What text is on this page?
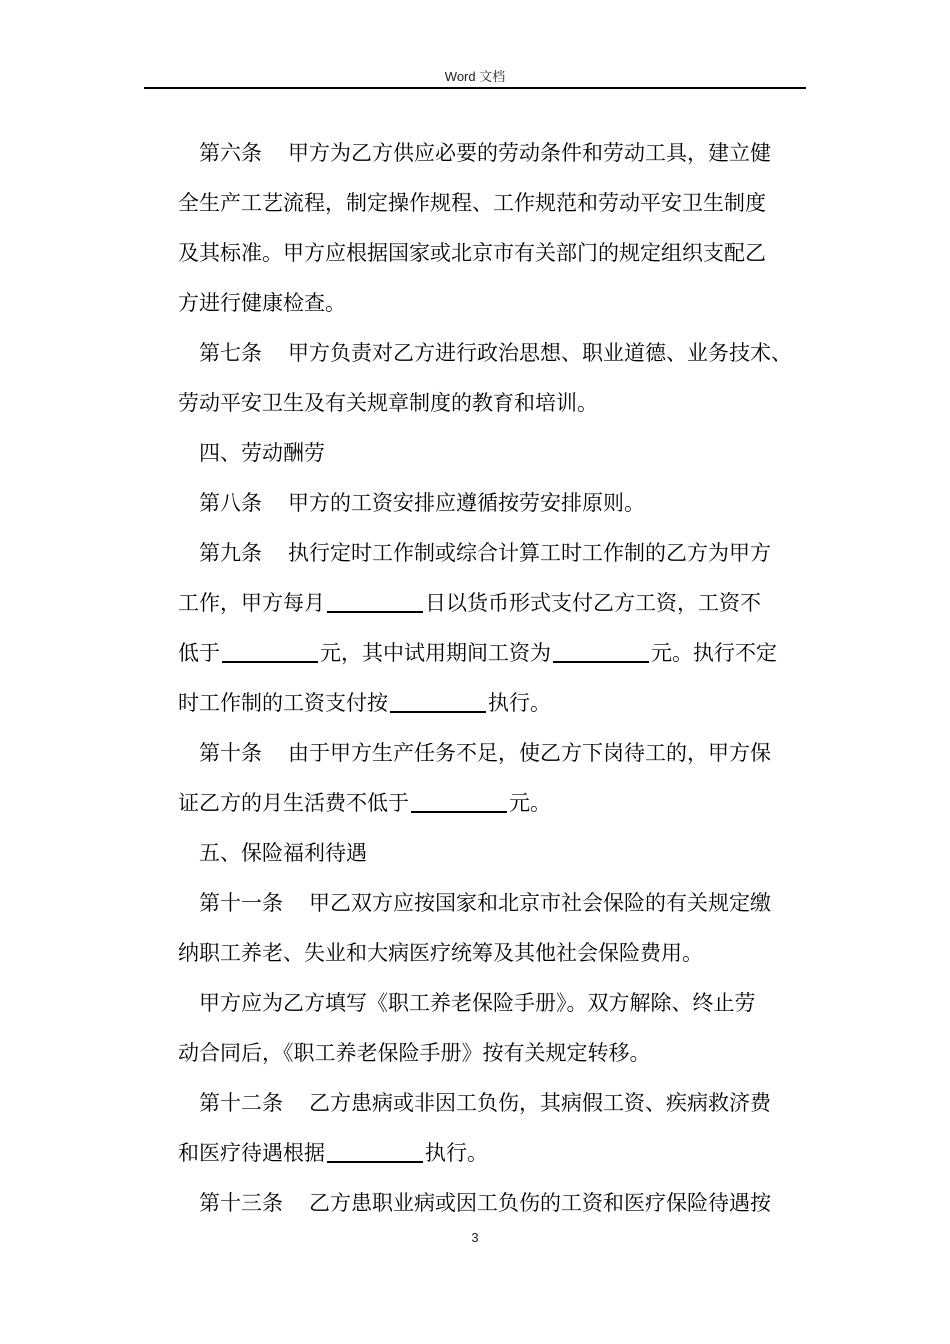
Word 文档

第六条 甲方为乙方供应必要的劳动条件和劳动工具，建立健

全生产工艺流程，制定操作规程、工作规范和劳动平安卫生制度

及其标准。甲方应根据国家或北京市有关部门的规定组织支配乙

方进行健康检查。

第七条 甲方负责对乙方进行政治思想、职业道德、业务技术、

劳动平安卫生及有关规章制度的教育和培训。

四、劳动酬劳

第八条 甲方的工资安排应遵循按劳安排原则。

第九条 执行定时工作制或综合计算工时工作制的乙方为甲方

工作，甲方每月	日以货币形式支付乙方工资，工资不

低于	元，其中试用期间工资为	元。执行不定

时工作制的工资支付按	执行。

第十条 由于甲方生产任务不足，使乙方下岗待工的，甲方保

证乙方的月生活费不低于	元。

五、保险福利待遇

第十一条 甲乙双方应按国家和北京市社会保险的有关规定缴

纳职工养老、失业和大病医疗统筹及其他社会保险费用。

甲方应为乙方填写《职工养老保险手册》。双方解除、终止劳

动合同后，《职工养老保险手册》按有关规定转移。

第十二条 乙方患病或非因工负伤，其病假工资、疾病救济费

和医疗待遇根据	执行。

第十三条 乙方患职业病或因工负伤的工资和医疗保险待遇按

3
